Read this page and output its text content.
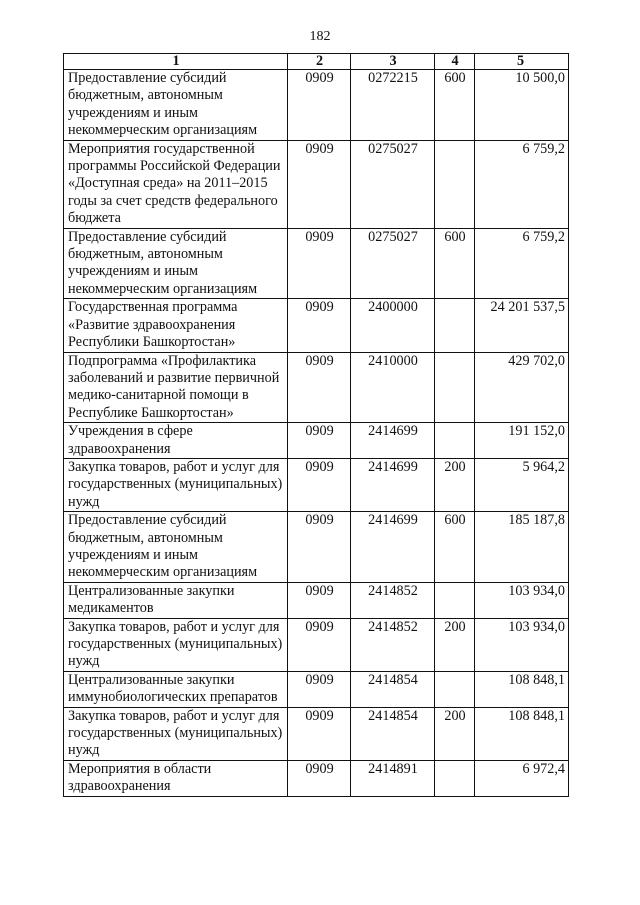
182
1	2	3	4	5
Предоставление субсидий бюджетным, автономным учреждениям и иным некоммерческим организациям	0909	0272215	600	10 500,0
Мероприятия государственной программы Российской Федерации «Доступная среда» на 2011–2015 годы за счет средств федерального бюджета	0909	0275027		6 759,2
Предоставление субсидий бюджетным, автономным учреждениям и иным некоммерческим организациям	0909	0275027	600	6 759,2
Государственная программа «Развитие здравоохранения Республики Башкортостан»	0909	2400000		24 201 537,5
Подпрограмма «Профилактика заболеваний и развитие первичной медико-санитарной помощи в Республике Башкортостан»	0909	2410000		429 702,0
Учреждения в сфере здравоохранения	0909	2414699		191 152,0
Закупка товаров, работ и услуг для государственных (муниципальных) нужд	0909	2414699	200	5 964,2
Предоставление субсидий бюджетным, автономным учреждениям и иным некоммерческим организациям	0909	2414699	600	185 187,8
Централизованные закупки медикаментов	0909	2414852		103 934,0
Закупка товаров, работ и услуг для государственных (муниципальных) нужд	0909	2414852	200	103 934,0
Централизованные закупки иммунобиологических препаратов	0909	2414854		108 848,1
Закупка товаров, работ и услуг для государственных (муниципальных) нужд	0909	2414854	200	108 848,1
Мероприятия в области здравоохранения	0909	2414891		6 972,4
